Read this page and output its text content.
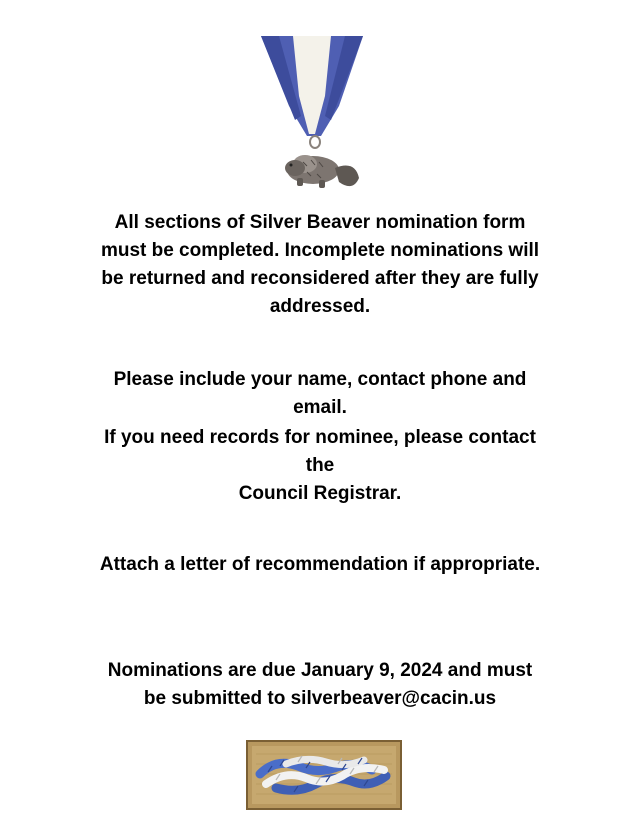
All sections of Silver Beaver nomination form
must be completed. Incomplete nominations will
be returned and reconsidered after they are fully
addressed.

Please include your name, contact phone and
email.

If you need records for nominee, please contact
the
Council Registrar.

Attach a letter of recommendation if appropriate.

Nominations are due January 9, 2024 and must
be submitted to silverbeaver@cacin.us
